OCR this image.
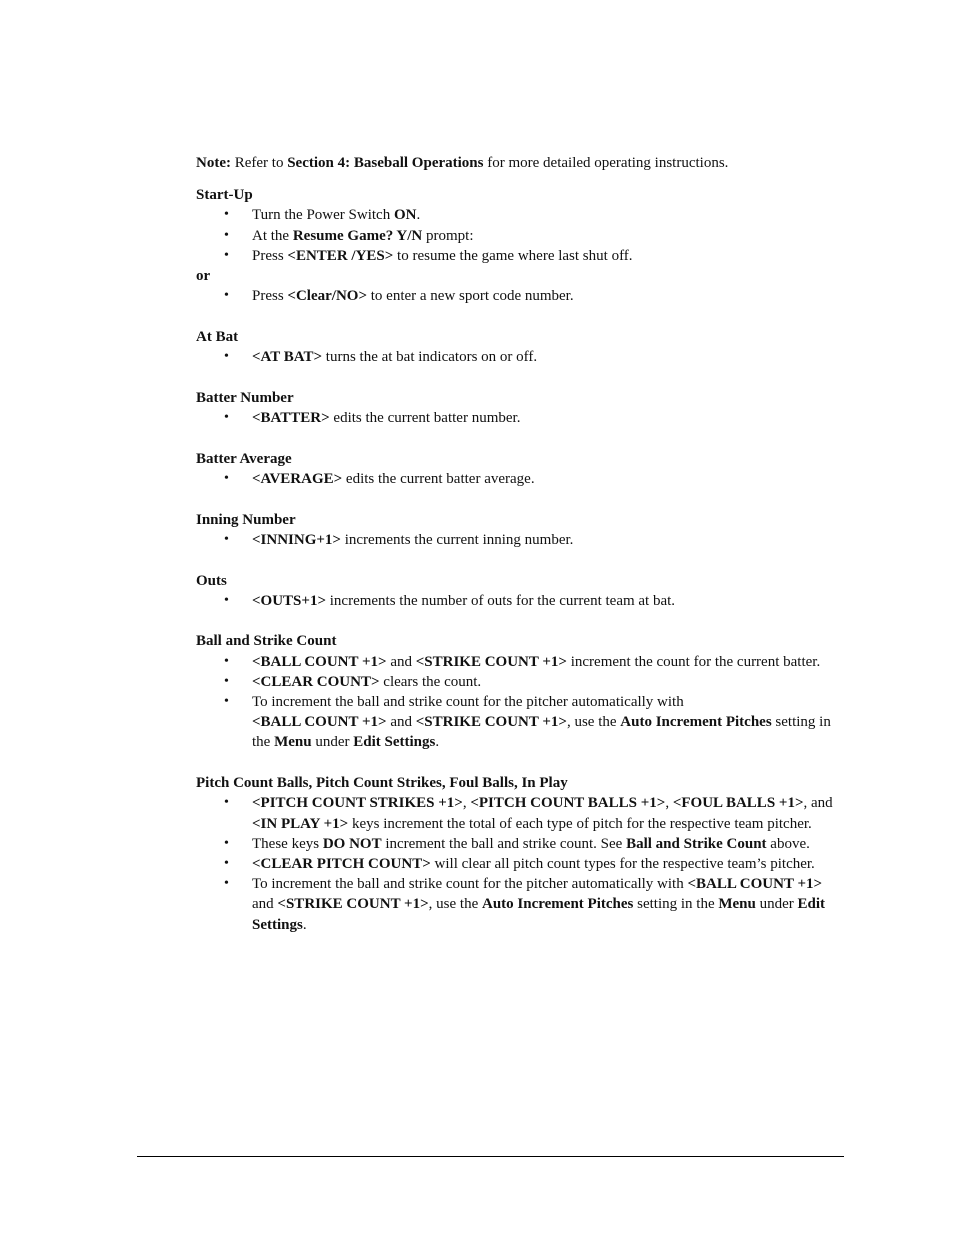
Note: Refer to Section 4: Baseball Operations for more detailed operating instructions.

Start-Up

• Turn the Power Switch ON.
• At the Resume Game? Y/N prompt:
• Press <ENTER /YES> to resume the game where last shut off.

or

• Press <Clear/NO> to enter a new sport code number.

At Bat

• <AT BAT> turns the at bat indicators on or off.

Batter Number

• <BATTER> edits the current batter number.

Batter Average

• <AVERAGE> edits the current batter average.

Inning Number

• <INNING+1> increments the current inning number.

Outs

• <OUTS+1> increments the number of outs for the current team at bat.

Ball and Strike Count

• <BALL COUNT +1> and <STRIKE COUNT +1> increment the count for the current batter.
• <CLEAR COUNT> clears the count.
• To increment the ball and strike count for the pitcher automatically with
<BALL COUNT +1> and <STRIKE COUNT +1>, use the Auto Increment Pitches setting in the Menu under Edit Settings.

Pitch Count Balls, Pitch Count Strikes, Foul Balls, In Play

• <PITCH COUNT STRIKES +1>, <PITCH COUNT BALLS +1>, <FOUL BALLS +1>, and <IN PLAY +1> keys increment the total of each type of pitch for the respective team pitcher.
• These keys DO NOT increment the ball and strike count. See Ball and Strike Count above.
• <CLEAR PITCH COUNT> will clear all pitch count types for the respective team’s pitcher.
• To increment the ball and strike count for the pitcher automatically with <BALL COUNT +1> and <STRIKE COUNT +1>, use the Auto Increment Pitches setting in the Menu under Edit Settings.
